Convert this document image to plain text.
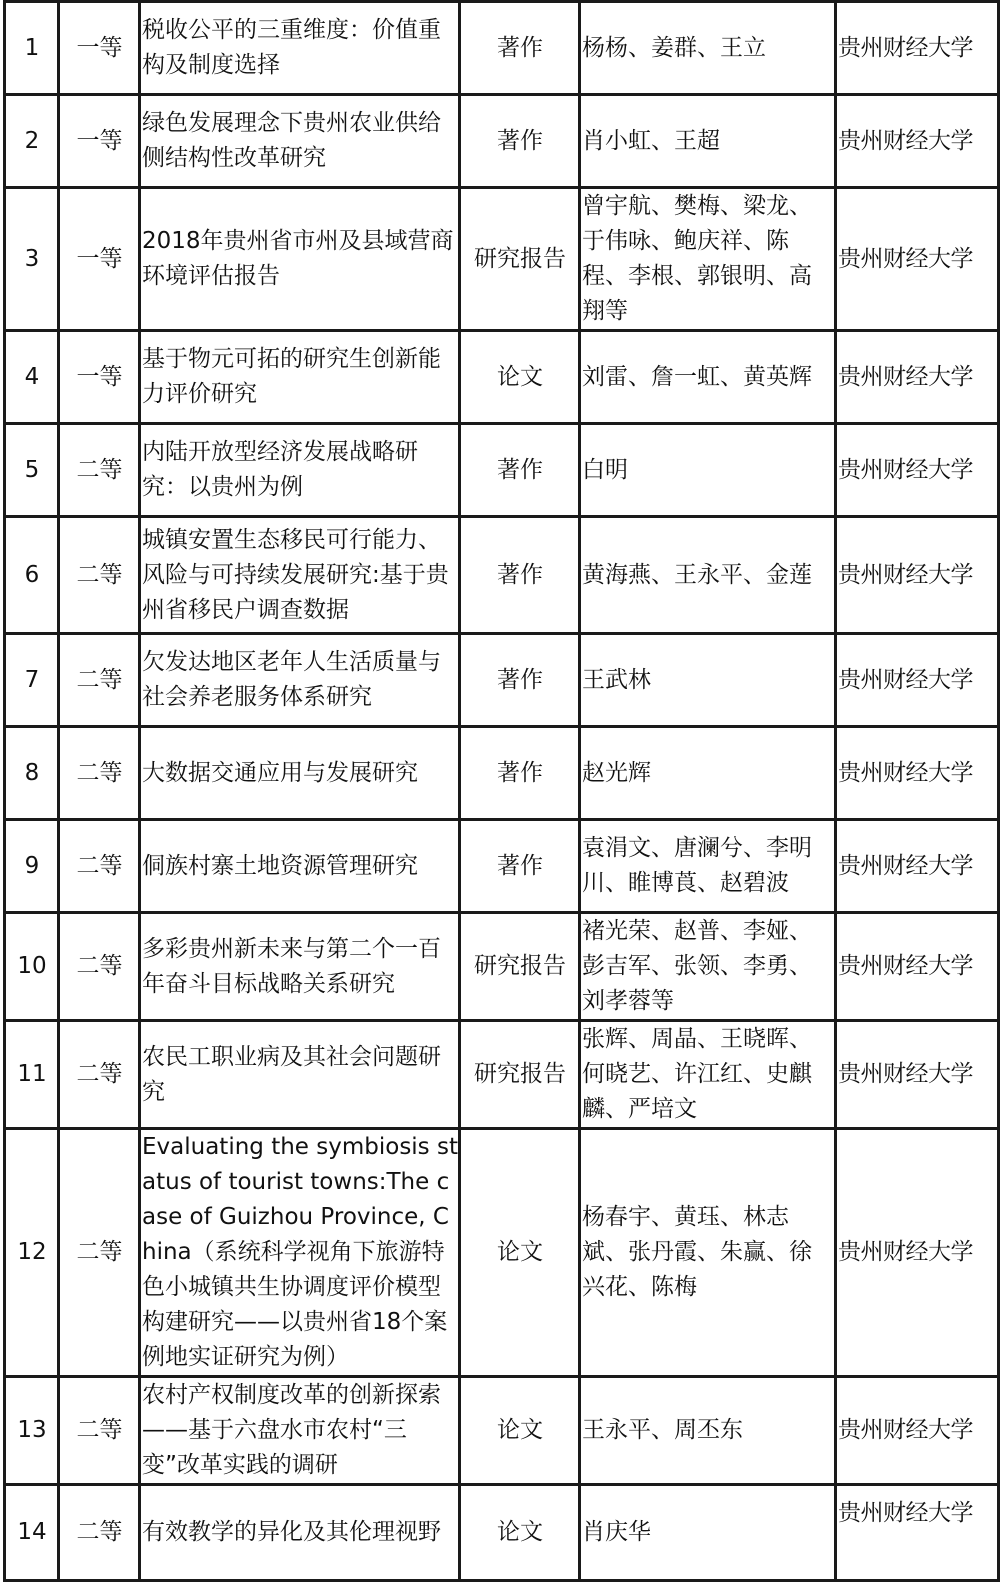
1	一等	税收公平的三重维度：价值重构及制度选择	著作	杨杨、姜群、王立	贵州财经大学
2	一等	绿色发展理念下贵州农业供给侧结构性改革研究	著作	肖小虹、王超	贵州财经大学
3	一等	2018年贵州省市州及县域营商环境评估报告	研究报告	曾宇航、樊梅、梁龙、于伟咏、鲍庆祥、陈程、李根、郭银明、高翔等	贵州财经大学
4	一等	基于物元可拓的研究生创新能力评价研究	论文	刘雷、詹一虹、黄英辉	贵州财经大学
5	二等	内陆开放型经济发展战略研究：以贵州为例	著作	白明	贵州财经大学
6	二等	城镇安置生态移民可行能力、风险与可持续发展研究:基于贵州省移民户调查数据	著作	黄海燕、王永平、金莲	贵州财经大学
7	二等	欠发达地区老年人生活质量与社会养老服务体系研究	著作	王武林	贵州财经大学
8	二等	大数据交通应用与发展研究	著作	赵光辉	贵州财经大学
9	二等	侗族村寨土地资源管理研究	著作	袁涓文、唐澜兮、李明川、睢博莨、赵碧波	贵州财经大学
10	二等	多彩贵州新未来与第二个一百年奋斗目标战略关系研究	研究报告	褚光荣、赵普、李娅、彭吉军、张领、李勇、刘孝蓉等	贵州财经大学
11	二等	农民工职业病及其社会问题研究	研究报告	张辉、周晶、王晓晖、何晓艺、许江红、史麒麟、严培文	贵州财经大学
12	二等	Evaluating the symbiosis status of tourist towns:The case of Guizhou Province, China（系统科学视角下旅游特色小城镇共生协调度评价模型构建研究——以贵州省18个案例地实证研究为例）	论文	杨春宇、黄珏、林志斌、张丹霞、朱赢、徐兴花、陈梅	贵州财经大学
13	二等	农村产权制度改革的创新探索——基于六盘水市农村“三变”改革实践的调研	论文	王永平、周丕东	贵州财经大学
14	二等	有效教学的异化及其伦理视野	论文	肖庆华	贵州财经大学
